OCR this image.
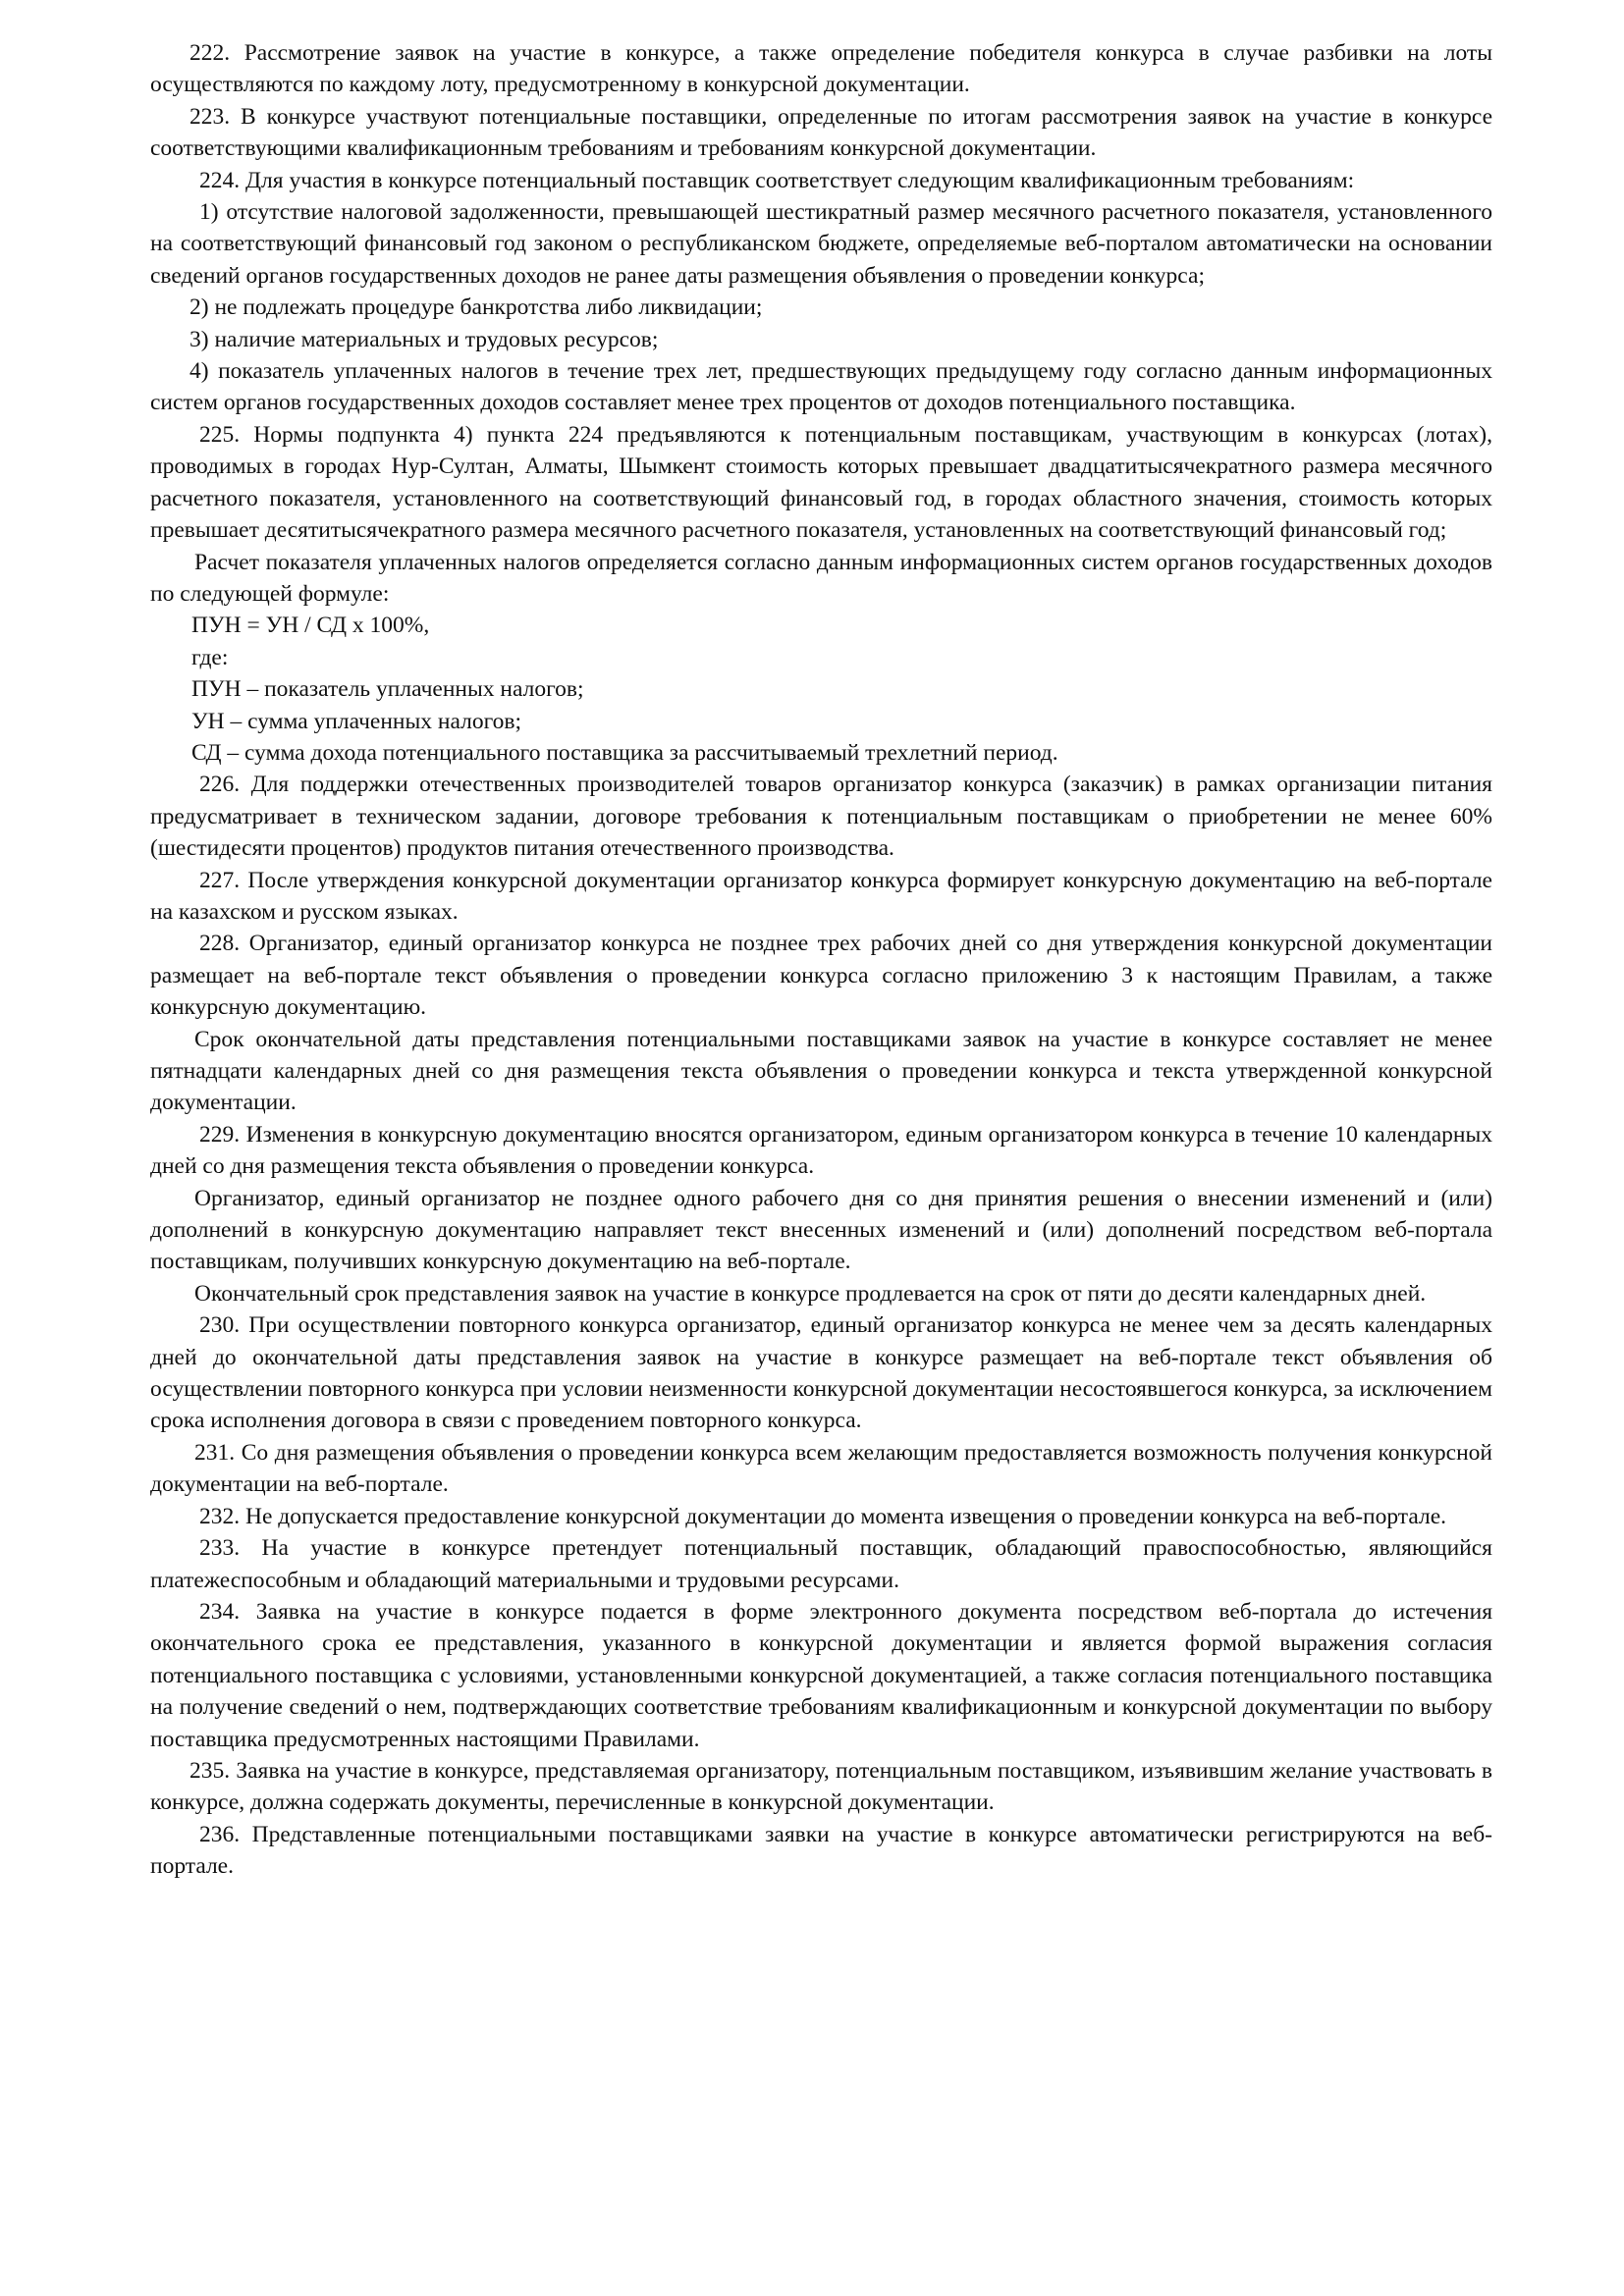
222. Рассмотрение заявок на участие в конкурсе, а также определение победителя конкурса в случае разбивки на лоты осуществляются по каждому лоту, предусмотренному в конкурсной документации.

223. В конкурсе участвуют потенциальные поставщики, определенные по итогам рассмотрения заявок на участие в конкурсе соответствующими квалификационным требованиям и требованиям конкурсной документации.

224. Для участия в конкурсе потенциальный поставщик соответствует следующим квалификационным требованиям:

1) отсутствие налоговой задолженности, превышающей шестикратный размер месячного расчетного показателя, установленного на соответствующий финансовый год законом о республиканском бюджете, определяемые веб-порталом автоматически на основании сведений органов государственных доходов не ранее даты размещения объявления о проведении конкурса;

2) не подлежать процедуре банкротства либо ликвидации;

3) наличие материальных и трудовых ресурсов;

4) показатель уплаченных налогов в течение трех лет, предшествующих предыдущему году согласно данным информационных систем органов государственных доходов составляет менее трех процентов от доходов потенциального поставщика.

225. Нормы подпункта 4) пункта 224 предъявляются к потенциальным поставщикам, участвующим в конкурсах (лотах), проводимых в городах Нур-Султан, Алматы, Шымкент стоимость которых превышает двадцатитысячекратного размера месячного расчетного показателя, установленного на соответствующий финансовый год, в городах областного значения, стоимость которых превышает десятитысячекратного размера месячного расчетного показателя, установленных на соответствующий финансовый год;

Расчет показателя уплаченных налогов определяется согласно данным информационных систем органов государственных доходов по следующей формуле:

ПУН = УН / СД х 100%,

где:

ПУН – показатель уплаченных налогов;

УН – сумма уплаченных налогов;

СД – сумма дохода потенциального поставщика за рассчитываемый трехлетний период.

226. Для поддержки отечественных производителей товаров организатор конкурса (заказчик) в рамках организации питания предусматривает в техническом задании, договоре требования к потенциальным поставщикам о приобретении не менее 60% (шестидесяти процентов) продуктов питания отечественного производства.

227. После утверждения конкурсной документации организатор конкурса формирует конкурсную документацию на веб-портале на казахском и русском языках.

228. Организатор, единый организатор конкурса не позднее трех рабочих дней со дня утверждения конкурсной документации размещает на веб-портале текст объявления о проведении конкурса согласно приложению 3 к настоящим Правилам, а также конкурсную документацию.

Срок окончательной даты представления потенциальными поставщиками заявок на участие в конкурсе составляет не менее пятнадцати календарных дней со дня размещения текста объявления о проведении конкурса и текста утвержденной конкурсной документации.

229. Изменения в конкурсную документацию вносятся организатором, единым организатором конкурса в течение 10 календарных дней со дня размещения текста объявления о проведении конкурса.

Организатор, единый организатор не позднее одного рабочего дня со дня принятия решения о внесении изменений и (или) дополнений в конкурсную документацию направляет текст внесенных изменений и (или) дополнений посредством веб-портала поставщикам, получивших конкурсную документацию на веб-портале.

Окончательный срок представления заявок на участие в конкурсе продлевается на срок от пяти до десяти календарных дней.

230. При осуществлении повторного конкурса организатор, единый организатор конкурса не менее чем за десять календарных дней до окончательной даты представления заявок на участие в конкурсе размещает на веб-портале текст объявления об осуществлении повторного конкурса при условии неизменности конкурсной документации несостоявшегося конкурса, за исключением срока исполнения договора в связи с проведением повторного конкурса.

231. Со дня размещения объявления о проведении конкурса всем желающим предоставляется возможность получения конкурсной документации на веб-портале.

232. Не допускается предоставление конкурсной документации до момента извещения о проведении конкурса на веб-портале.

233. На участие в конкурсе претендует потенциальный поставщик, обладающий правоспособностью, являющийся платежеспособным и обладающий материальными и трудовыми ресурсами.

234. Заявка на участие в конкурсе подается в форме электронного документа посредством веб-портала до истечения окончательного срока ее представления, указанного в конкурсной документации и является формой выражения согласия потенциального поставщика с условиями, установленными конкурсной документацией, а также согласия потенциального поставщика на получение сведений о нем, подтверждающих соответствие требованиям квалификационным и конкурсной документации по выбору поставщика предусмотренных настоящими Правилами.

235. Заявка на участие в конкурсе, представляемая организатору, потенциальным поставщиком, изъявившим желание участвовать в конкурсе, должна содержать документы, перечисленные в конкурсной документации.

236. Представленные потенциальными поставщиками заявки на участие в конкурсе автоматически регистрируются на веб-портале.
